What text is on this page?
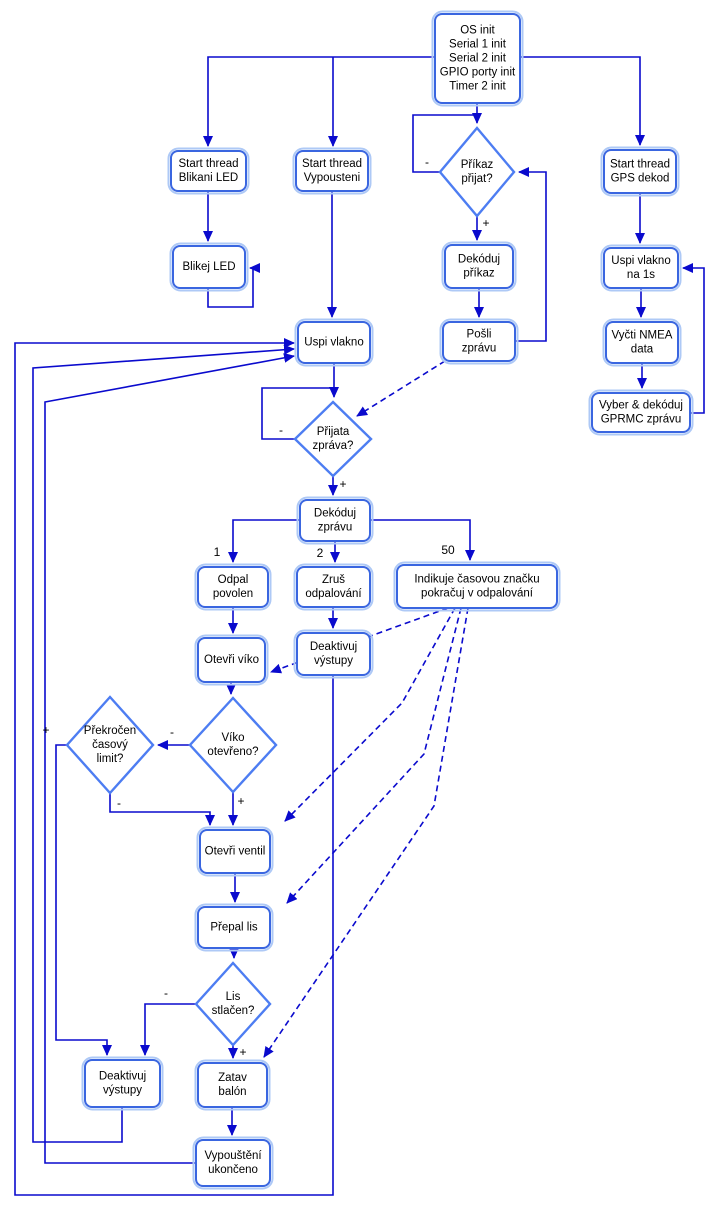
OS init
Serial 1 init
Serial 2 init
GPIO porty init
Timer 2 init
Start thread
Blikani LED
Start thread
Vypousteni
Start thread
GPS dekod
Blikej LED
Dekóduj
příkaz
Uspi vlakno
na 1s
Uspi vlakno
Pošli
zprávu
Vyčti NMEA
data
Vyber & dekóduj
GPRMC zprávu
Dekóduj
zprávu
Odpal
povolen
Zruš
odpalování
Indikuje časovou značku
pokračuj v odpalování
Otevři víko
Deaktivuj
výstupy
Otevři ventil
Přepal lis
Deaktivuj
výstupy
Zatav
balón
Vypouštění
ukončeno
Příkaz
přijat?
Přijata
zpráva?
Překročen
časový
limit?
Víko
otevřeno?
Lis
stlačen?
-
+
-
+
1	2	50
-
+
-	+
-
+
